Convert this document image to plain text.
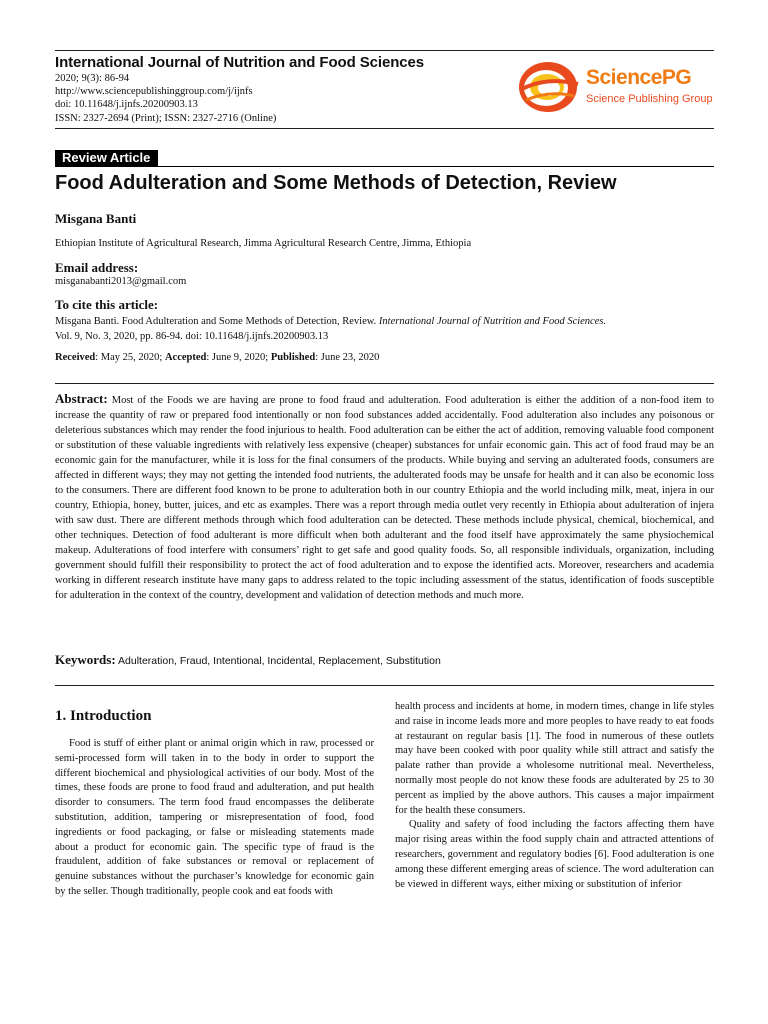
International Journal of Nutrition and Food Sciences
2020; 9(3): 86-94
http://www.sciencepublishinggroup.com/j/ijnfs
doi: 10.11648/j.ijnfs.20200903.13
ISSN: 2327-2694 (Print); ISSN: 2327-2716 (Online)
SciencePG
Science Publishing Group
Review Article
Food Adulteration and Some Methods of Detection, Review
Misgana Banti
Ethiopian Institute of Agricultural Research, Jimma Agricultural Research Centre, Jimma, Ethiopia
Email address:
misganabanti2013@gmail.com
To cite this article:
Misgana Banti. Food Adulteration and Some Methods of Detection, Review. International Journal of Nutrition and Food Sciences.
Vol. 9, No. 3, 2020, pp. 86-94. doi: 10.11648/j.ijnfs.20200903.13
Received: May 25, 2020; Accepted: June 9, 2020; Published: June 23, 2020
Abstract: Most of the Foods we are having are prone to food fraud and adulteration. Food adulteration is either the addition of a non-food item to increase the quantity of raw or prepared food intentionally or non food substances added accidentally. Food adulteration also includes any poisonous or deleterious substances which may render the food injurious to health. Food adulteration can be either the act of addition, removing valuable food component or substitution of these valuable ingredients with relatively less expensive (cheaper) substances for unfair economic gain. This act of food fraud may be an economic gain for the manufacturer, while it is loss for the final consumers of the products. While buying and serving an adulterated foods, consumers are affected in different ways; they may not getting the intended food nutrients, the adulterated foods may be unsafe for health and it can also be economic loss to the consumers. There are different food known to be prone to adulteration both in our country Ethiopia and the world including milk, meat, injera in our country, Ethiopia, honey, butter, juices, and etc as examples. There was a report through media outlet very recently in Ethiopia about adulteration of injera with saw dust. There are different methods through which food adulteration can be detected. These methods include physical, chemical, biochemical, and other techniques. Detection of food adulterant is more difficult when both adulterant and the food itself have approximately the same physiochemical makeup. Adulterations of food interfere with consumers’ right to get safe and good quality foods. So, all responsible individuals, organization, including government should fulfill their responsibility to protect the act of food adulteration and to expose the identified acts. Moreover, researchers and academia working in different research institute have many gaps to address related to the topic including assessment of the status, identification of foods susceptible for adulteration in the context of the country, development and validation of detection methods and much more.
Keywords: Adulteration, Fraud, Intentional, Incidental, Replacement, Substitution
1. Introduction
Food is stuff of either plant or animal origin which in raw, processed or semi-processed form will taken in to the body in order to support the different biochemical and physiological activities of our body. Most of the times, these foods are prone to food fraud and adulteration, and put health disorder to consumers. The term food fraud encompasses the deliberate substitution, addition, tampering or misrepresentation of food, food ingredients or food packaging, or false or misleading statements made about a product for economic gain. The specific type of fraud is the fraudulent, addition of fake substances or removal or replacement of genuine substances without the purchaser’s knowledge for economic gain by the seller. Though traditionally, people cook and eat foods with

health process and incidents at home, in modern times, change in life styles and raise in income leads more and more peoples to have ready to eat foods at restaurant on regular basis [1]. The food in numerous of these outlets may have been cooked with poor quality while still attract and satisfy the palate rather than provide a wholesome nutritional meal. Nevertheless, normally most people do not know these foods are adulterated by 25 to 30 percent as implied by the above authors. This causes a major impairment for the health these consumers.

Quality and safety of food including the factors affecting them have major rising areas within the food supply chain and attracted attentions of researchers, government and regulatory bodies [6]. Food adulteration is one among these different emerging areas of science. The word adulteration can be viewed in different ways, either mixing or substitution of inferior
